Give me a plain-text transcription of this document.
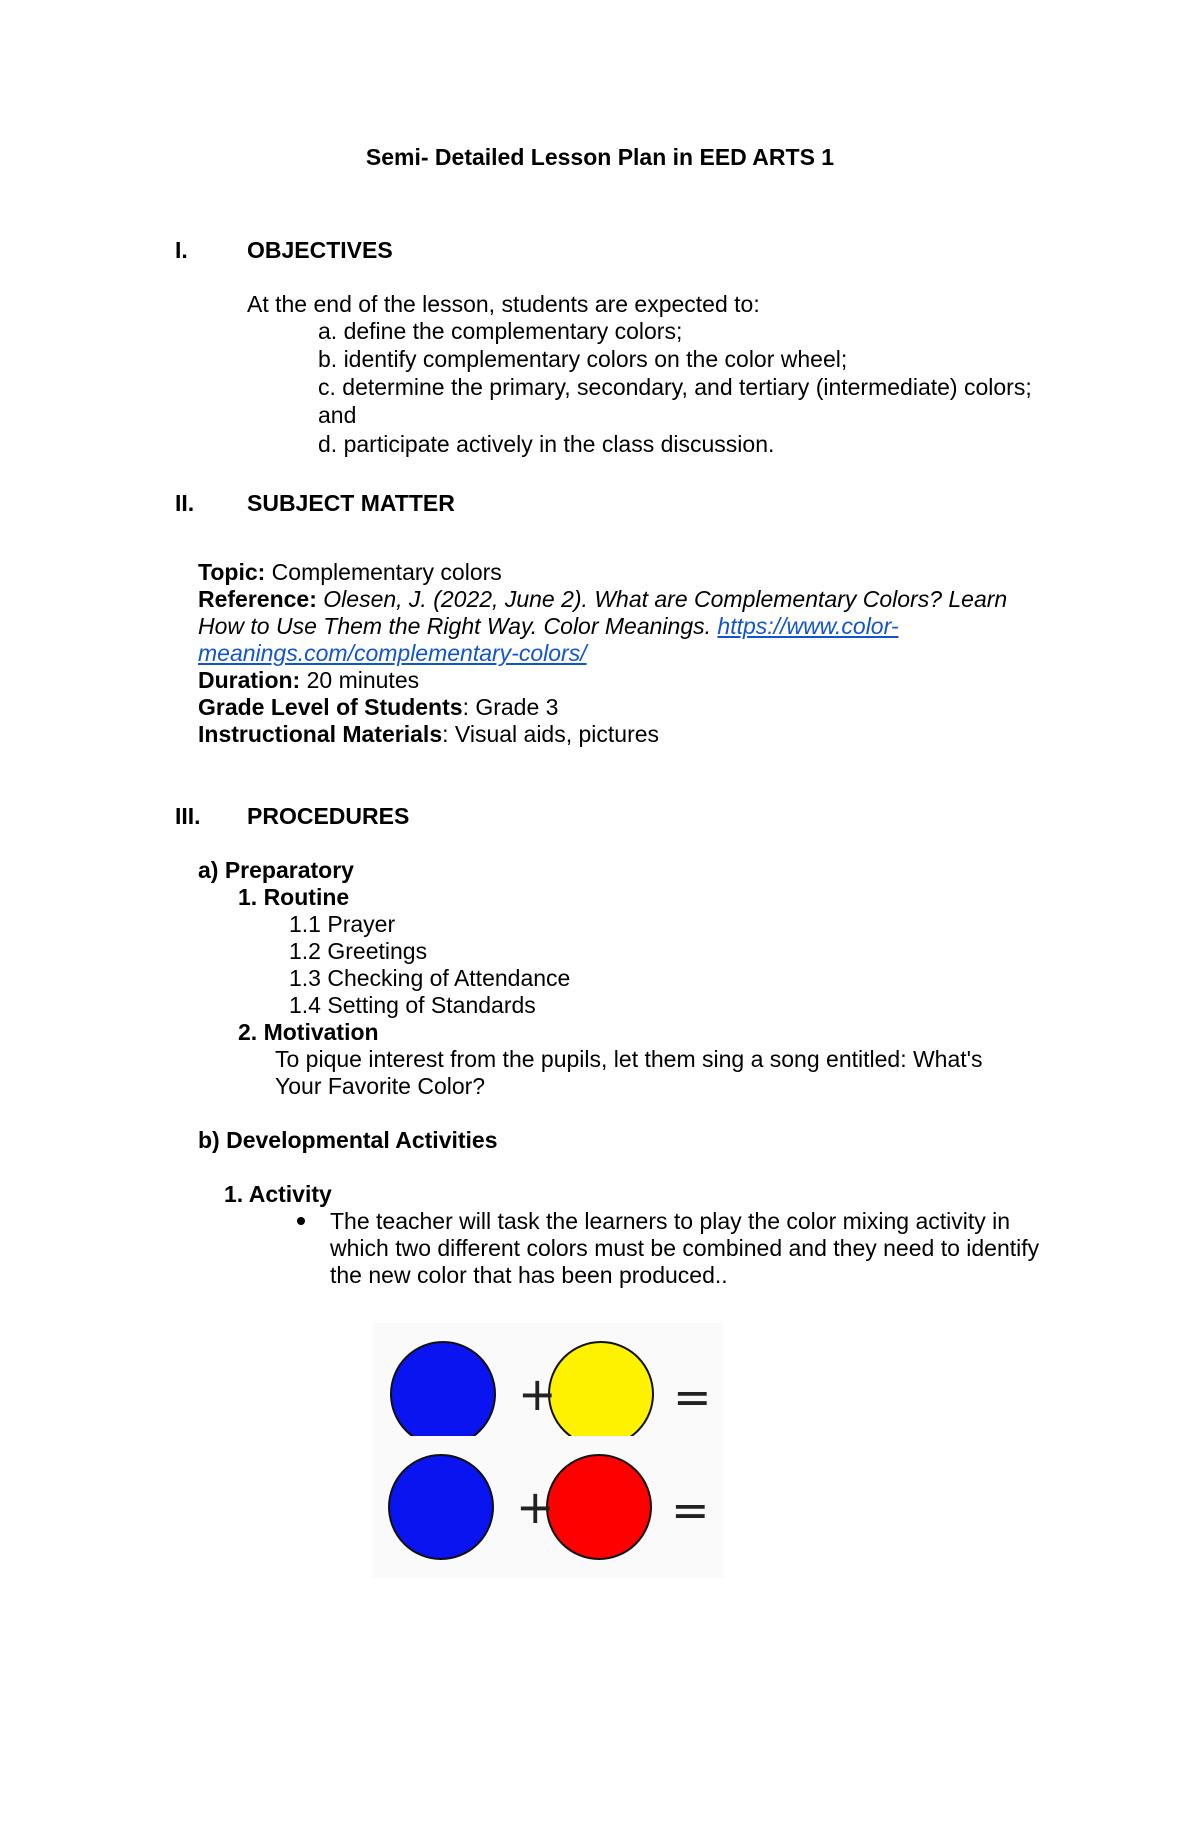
Semi- Detailed Lesson Plan in EED ARTS 1
I.	OBJECTIVES
At the end of the lesson, students are expected to:
a. define the complementary colors;
b. identify complementary colors on the color wheel;
c. determine the primary, secondary, and tertiary (intermediate) colors;
and
d. participate actively in the class discussion.
II. SUBJECT MATTER
Topic: Complementary colors
Reference: Olesen, J. (2022, June 2). What are Complementary Colors? Learn
How to Use Them the Right Way. Color Meanings. https://www.color-
meanings.com/complementary-colors/
Duration: 20 minutes
Grade Level of Students: Grade 3
Instructional Materials: Visual aids, pictures
III. PROCEDURES
a) Preparatory
1. Routine
1.1 Prayer
1.2 Greetings
1.3 Checking of Attendance
1.4 Setting of Standards
2. Motivation
To pique interest from the pupils, let them sing a song entitled: What's
Your Favorite Color?
b) Developmental Activities
1. Activity
The teacher will task the learners to play the color mixing activity in
which two different colors must be combined and they need to identify
the new color that has been produced..
+	=
+	=
